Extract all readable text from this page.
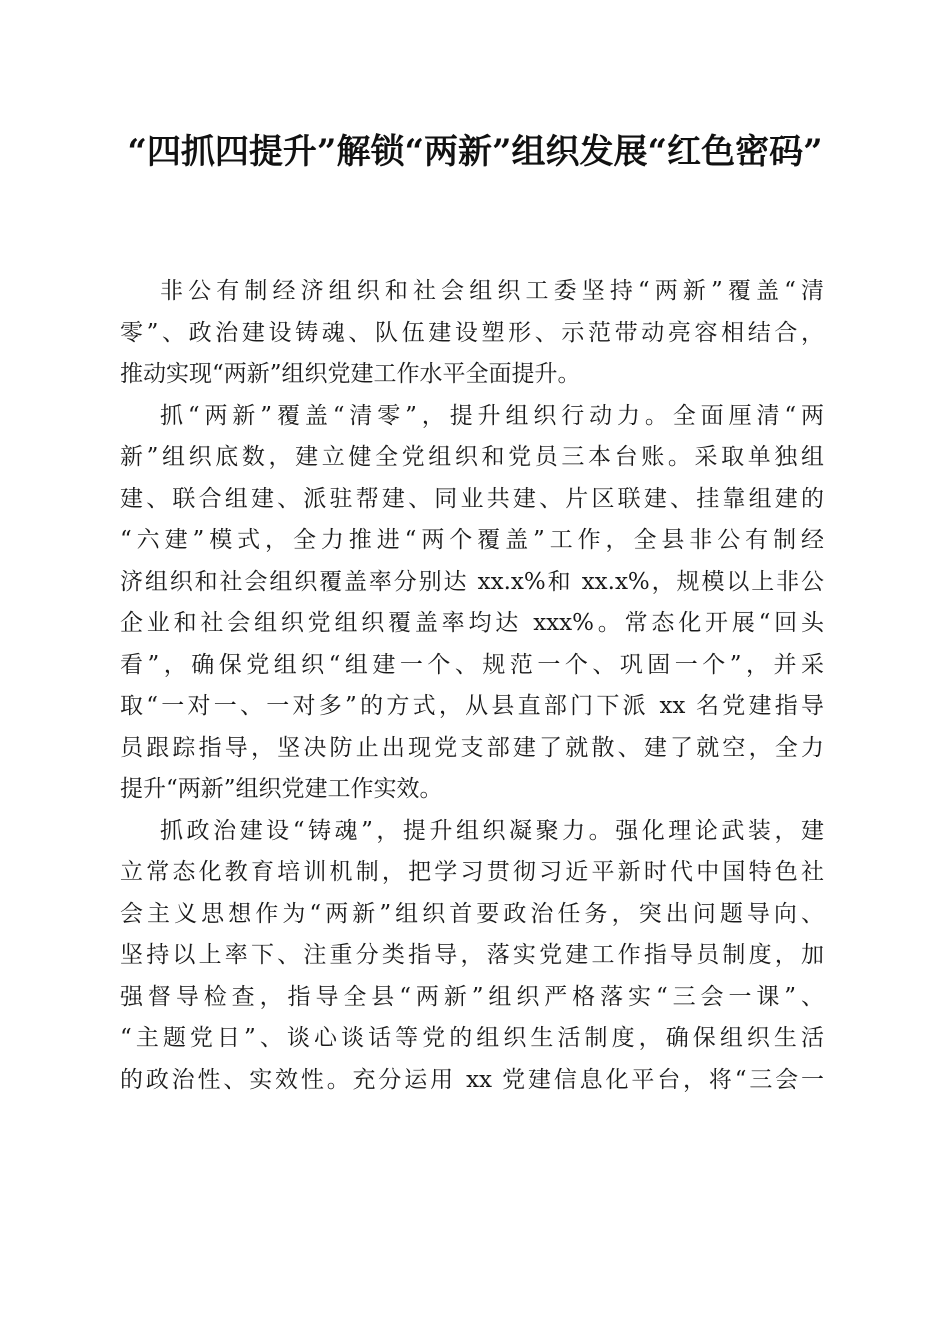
“四抓四提升”解锁“两新”组织发展“红色密码”

非公有制经济组织和社会组织工委坚持“两新”覆盖“清
零”、政治建设铸魂、队伍建设塑形、示范带动亮容相结合，
推动实现“两新”组织党建工作水平全面提升。

抓“两新”覆盖“清零”，提升组织行动力。全面厘清“两
新”组织底数，建立健全党组织和党员三本台账。采取单独组
建、联合组建、派驻帮建、同业共建、片区联建、挂靠组建的
“六建”模式，全力推进“两个覆盖”工作，全县非公有制经
济组织和社会组织覆盖率分别达 xx.x%和 xx.x%，规模以上非公
企业和社会组织党组织覆盖率均达 xxx%。常态化开展“回头
看”，确保党组织“组建一个、规范一个、巩固一个”，并采
取“一对一、一对多”的方式，从县直部门下派 xx 名党建指导
员跟踪指导，坚决防止出现党支部建了就散、建了就空，全力
提升“两新”组织党建工作实效。

抓政治建设“铸魂”，提升组织凝聚力。强化理论武装，建
立常态化教育培训机制，把学习贯彻习近平新时代中国特色社
会主义思想作为“两新”组织首要政治任务，突出问题导向、
坚持以上率下、注重分类指导，落实党建工作指导员制度，加
强督导检查，指导全县“两新”组织严格落实“三会一课”、
“主题党日”、谈心谈话等党的组织生活制度，确保组织生活
的政治性、实效性。充分运用 xx 党建信息化平台，将“三会一
